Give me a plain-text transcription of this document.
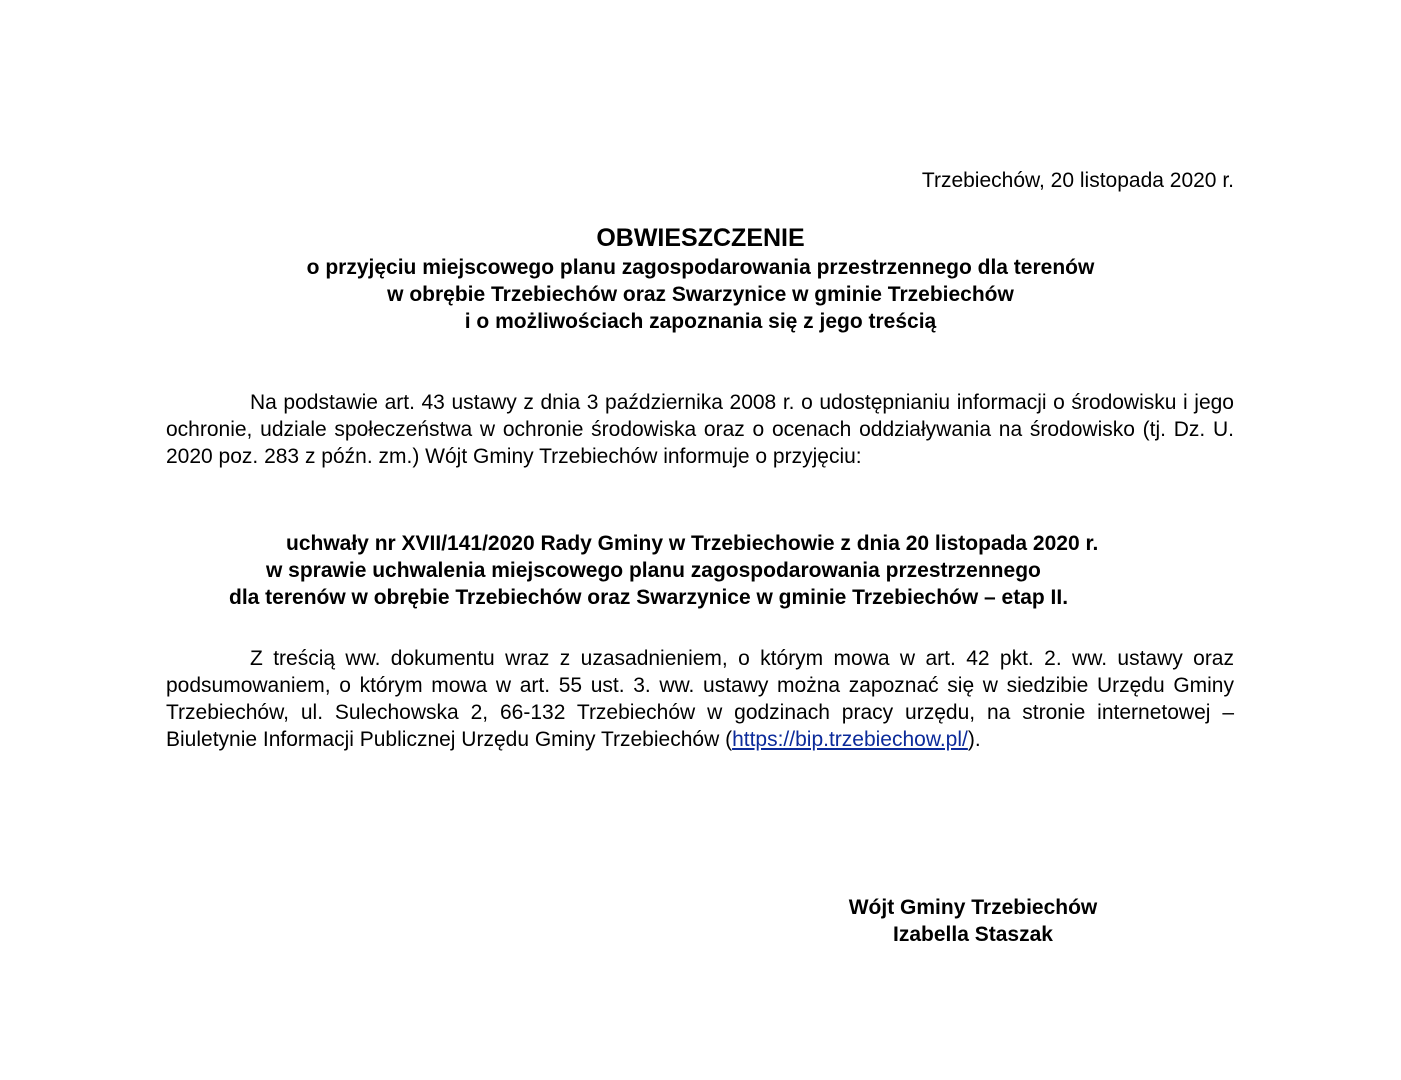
Trzebiechów, 20 listopada 2020 r.
OBWIESZCZENIE
o przyjęciu miejscowego planu zagospodarowania przestrzennego dla terenów
w obrębie Trzebiechów oraz Swarzynice w gminie Trzebiechów
i o możliwościach zapoznania się z jego treścią
Na podstawie art. 43 ustawy z dnia 3 października 2008 r. o udostępnianiu informacji o środowisku i jego ochronie, udziale społeczeństwa w ochronie środowiska oraz o ocenach oddziaływania na środowisko (tj. Dz. U. 2020 poz. 283 z późn. zm.) Wójt Gminy Trzebiechów informuje o przyjęciu:
uchwały nr XVII/141/2020 Rady Gminy w Trzebiechowie z dnia 20 listopada 2020 r.
w sprawie uchwalenia miejscowego planu zagospodarowania przestrzennego
dla terenów w obrębie Trzebiechów oraz Swarzynice w gminie Trzebiechów – etap II.
Z treścią ww. dokumentu wraz z uzasadnieniem, o którym mowa w art. 42 pkt. 2. ww. ustawy oraz podsumowaniem, o którym mowa w art. 55 ust. 3. ww. ustawy można zapoznać się w siedzibie Urzędu Gminy Trzebiechów, ul. Sulechowska 2, 66-132 Trzebiechów w godzinach pracy urzędu, na stronie internetowej – Biuletynie Informacji Publicznej Urzędu Gminy Trzebiechów (https://bip.trzebiechow.pl/).
Wójt Gminy Trzebiechów
Izabella Staszak
